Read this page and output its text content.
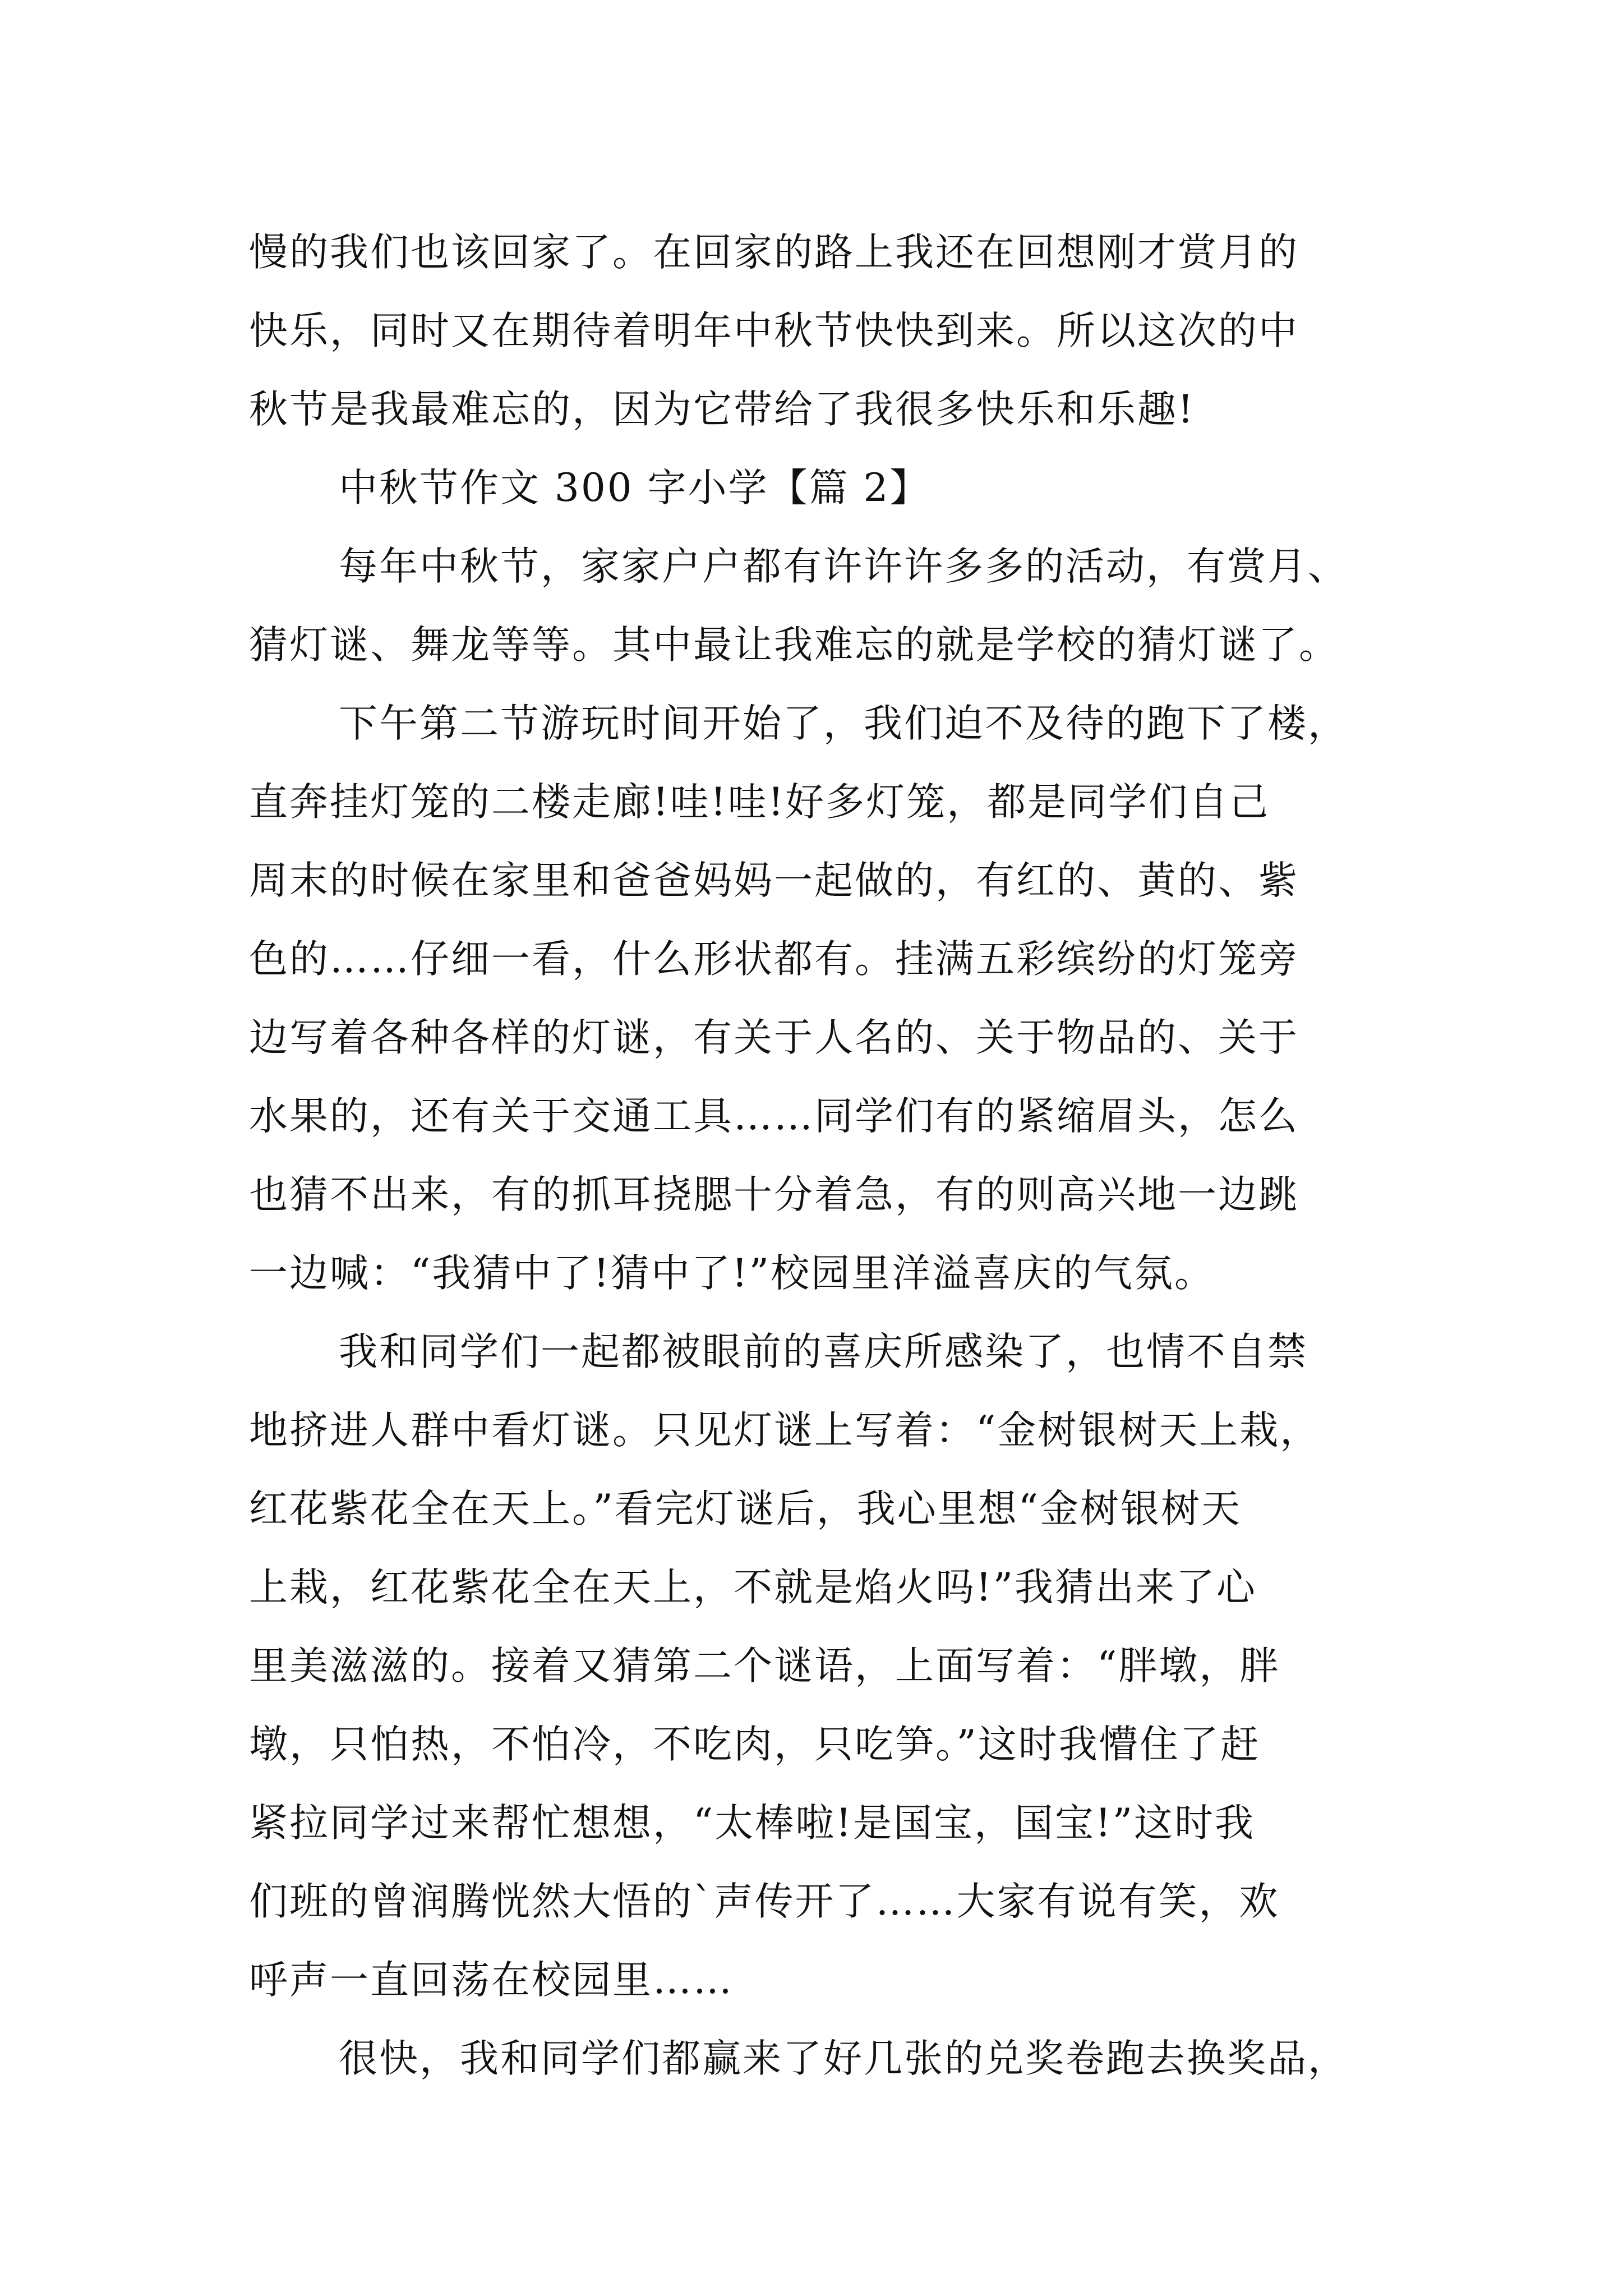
慢的我们也该回家了。在回家的路上我还在回想刚才赏月的
快乐，同时又在期待着明年中秋节快快到来。所以这次的中
秋节是我最难忘的，因为它带给了我很多快乐和乐趣!
中秋节作文 300 字小学【篇 2】
每年中秋节，家家户户都有许许许多多的活动，有赏月、
猜灯谜、舞龙等等。其中最让我难忘的就是学校的猜灯谜了。
下午第二节游玩时间开始了，我们迫不及待的跑下了楼，
直奔挂灯笼的二楼走廊!哇!哇!好多灯笼，都是同学们自己
周末的时候在家里和爸爸妈妈一起做的，有红的、黄的、紫
色的……仔细一看，什么形状都有。挂满五彩缤纷的灯笼旁
边写着各种各样的灯谜，有关于人名的、关于物品的、关于
水果的，还有关于交通工具……同学们有的紧缩眉头，怎么
也猜不出来，有的抓耳挠腮十分着急，有的则高兴地一边跳
一边喊：“我猜中了!猜中了!”校园里洋溢喜庆的气氛。
我和同学们一起都被眼前的喜庆所感染了，也情不自禁
地挤进人群中看灯谜。只见灯谜上写着：“金树银树天上栽，
红花紫花全在天上。”看完灯谜后，我心里想“金树银树天
上栽，红花紫花全在天上，不就是焰火吗!”我猜出来了心
里美滋滋的。接着又猜第二个谜语，上面写着：“胖墩，胖
墩，只怕热，不怕冷，不吃肉，只吃笋。”这时我懵住了赶
紧拉同学过来帮忙想想，“太棒啦!是国宝，国宝!”这时我
们班的曾润腾恍然大悟的`声传开了……大家有说有笑，欢
呼声一直回荡在校园里……
很快，我和同学们都赢来了好几张的兑奖卷跑去换奖品，
